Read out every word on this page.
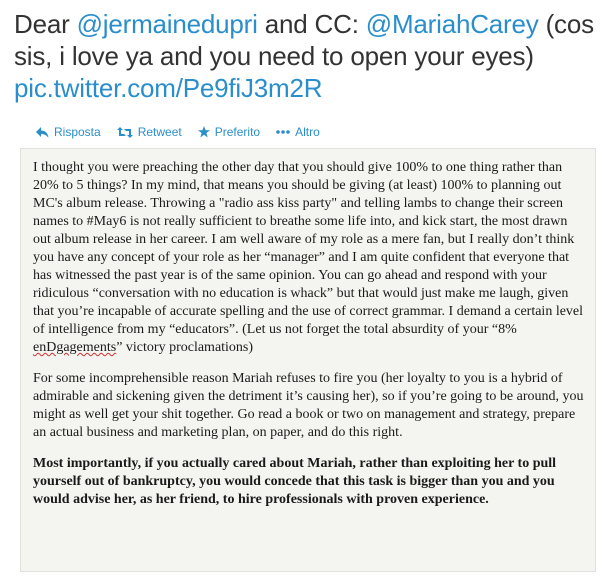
Dear @jermainedupri and CC: @MariahCarey (cos sis, i love ya and you need to open your eyes) pic.twitter.com/Pe9fiJ3m2R
Risposta	Retweet	Preferito	Altro

I thought you were preaching the other day that you should give 100% to one thing rather than 20% to 5 things? In my mind, that means you should be giving (at least) 100% to planning out MC's album release. Throwing a "radio ass kiss party" and telling lambs to change their screen names to #May6 is not really sufficient to breathe some life into, and kick start, the most drawn out album release in her career. I am well aware of my role as a mere fan, but I really don’t think you have any concept of your role as her “manager” and I am quite confident that everyone that has witnessed the past year is of the same opinion. You can go ahead and respond with your ridiculous “conversation with no education is whack” but that would just make me laugh, given that you’re incapable of accurate spelling and the use of correct grammar. I demand a certain level of intelligence from my “educators”. (Let us not forget the total absurdity of your “8% enDgagements” victory proclamations)

For some incomprehensible reason Mariah refuses to fire you (her loyalty to you is a hybrid of admirable and sickening given the detriment it’s causing her), so if you’re going to be around, you might as well get your shit together. Go read a book or two on management and strategy, prepare an actual business and marketing plan, on paper, and do this right.

Most importantly, if you actually cared about Mariah, rather than exploiting her to pull yourself out of bankruptcy, you would concede that this task is bigger than you and you would advise her, as her friend, to hire professionals with proven experience.
